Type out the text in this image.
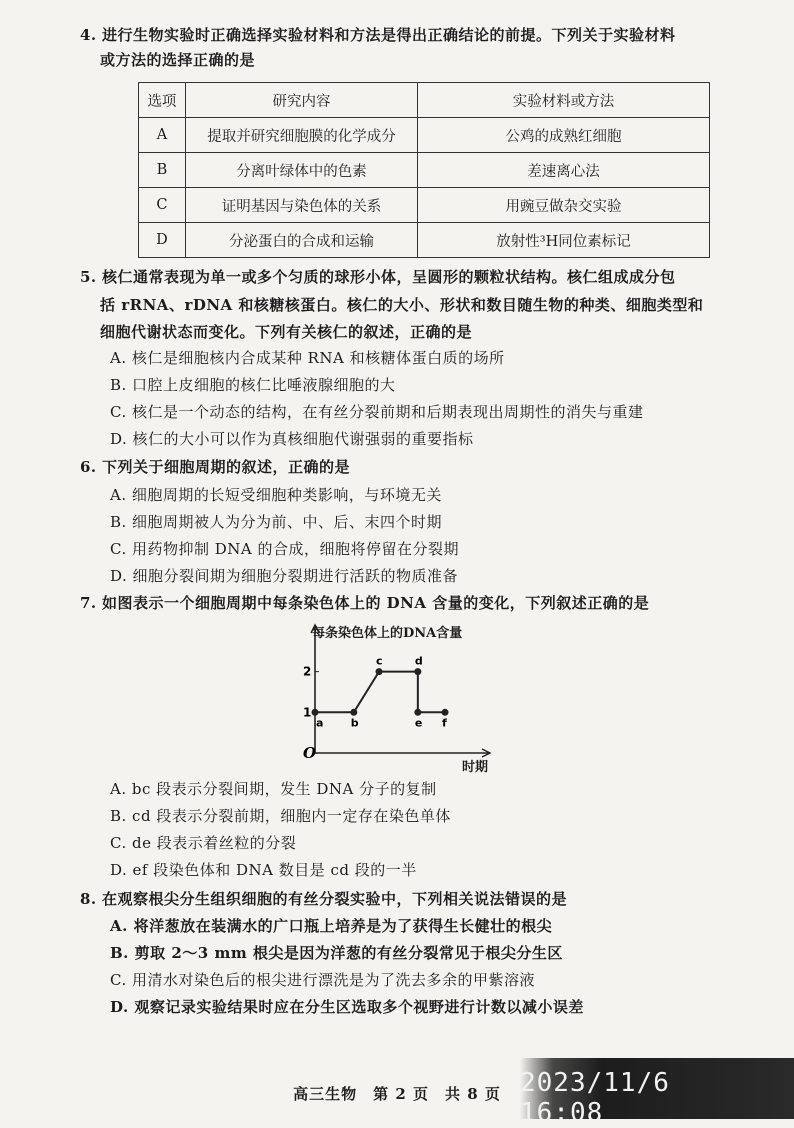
4. 进行生物实验时正确选择实验材料和方法是得出正确结论的前提。下列关于实验材料
或方法的选择正确的是
选项	研究内容	实验材料或方法
A	提取并研究细胞膜的化学成分	公鸡的成熟红细胞
B	分离叶绿体中的色素	差速离心法
C	证明基因与染色体的关系	用豌豆做杂交实验
D	分泌蛋白的合成和运输	放射性³H同位素标记
5. 核仁通常表现为单一或多个匀质的球形小体，呈圆形的颗粒状结构。核仁组成成分包
括 rRNA、rDNA 和核糖核蛋白。核仁的大小、形状和数目随生物的种类、细胞类型和
细胞代谢状态而变化。下列有关核仁的叙述，正确的是
A. 核仁是细胞核内合成某种 RNA 和核糖体蛋白质的场所
B. 口腔上皮细胞的核仁比唾液腺细胞的大
C. 核仁是一个动态的结构，在有丝分裂前期和后期表现出周期性的消失与重建
D. 核仁的大小可以作为真核细胞代谢强弱的重要指标
6. 下列关于细胞周期的叙述，正确的是
A. 细胞周期的长短受细胞种类影响，与环境无关
B. 细胞周期被人为分为前、中、后、末四个时期
C. 用药物抑制 DNA 的合成，细胞将停留在分裂期
D. 细胞分裂间期为细胞分裂期进行活跃的物质准备
7. 如图表示一个细胞周期中每条染色体上的 DNA 含量的变化，下列叙述正确的是
每条染色体上的DNA含量
O
1
2
a b
c	d
e f
时期
A. bc 段表示分裂间期，发生 DNA 分子的复制
B. cd 段表示分裂前期，细胞内一定存在染色单体
C. de 段表示着丝粒的分裂
D. ef 段染色体和 DNA 数目是 cd 段的一半
8. 在观察根尖分生组织细胞的有丝分裂实验中，下列相关说法错误的是
A. 将洋葱放在装满水的广口瓶上培养是为了获得生长健壮的根尖
B. 剪取 2～3 mm 根尖是因为洋葱的有丝分裂常见于根尖分生区
C. 用清水对染色后的根尖进行漂洗是为了洗去多余的甲紫溶液
D. 观察记录实验结果时应在分生区选取多个视野进行计数以减小误差
高三生物　第 2 页　共 8 页 2023/11/6 16:08
